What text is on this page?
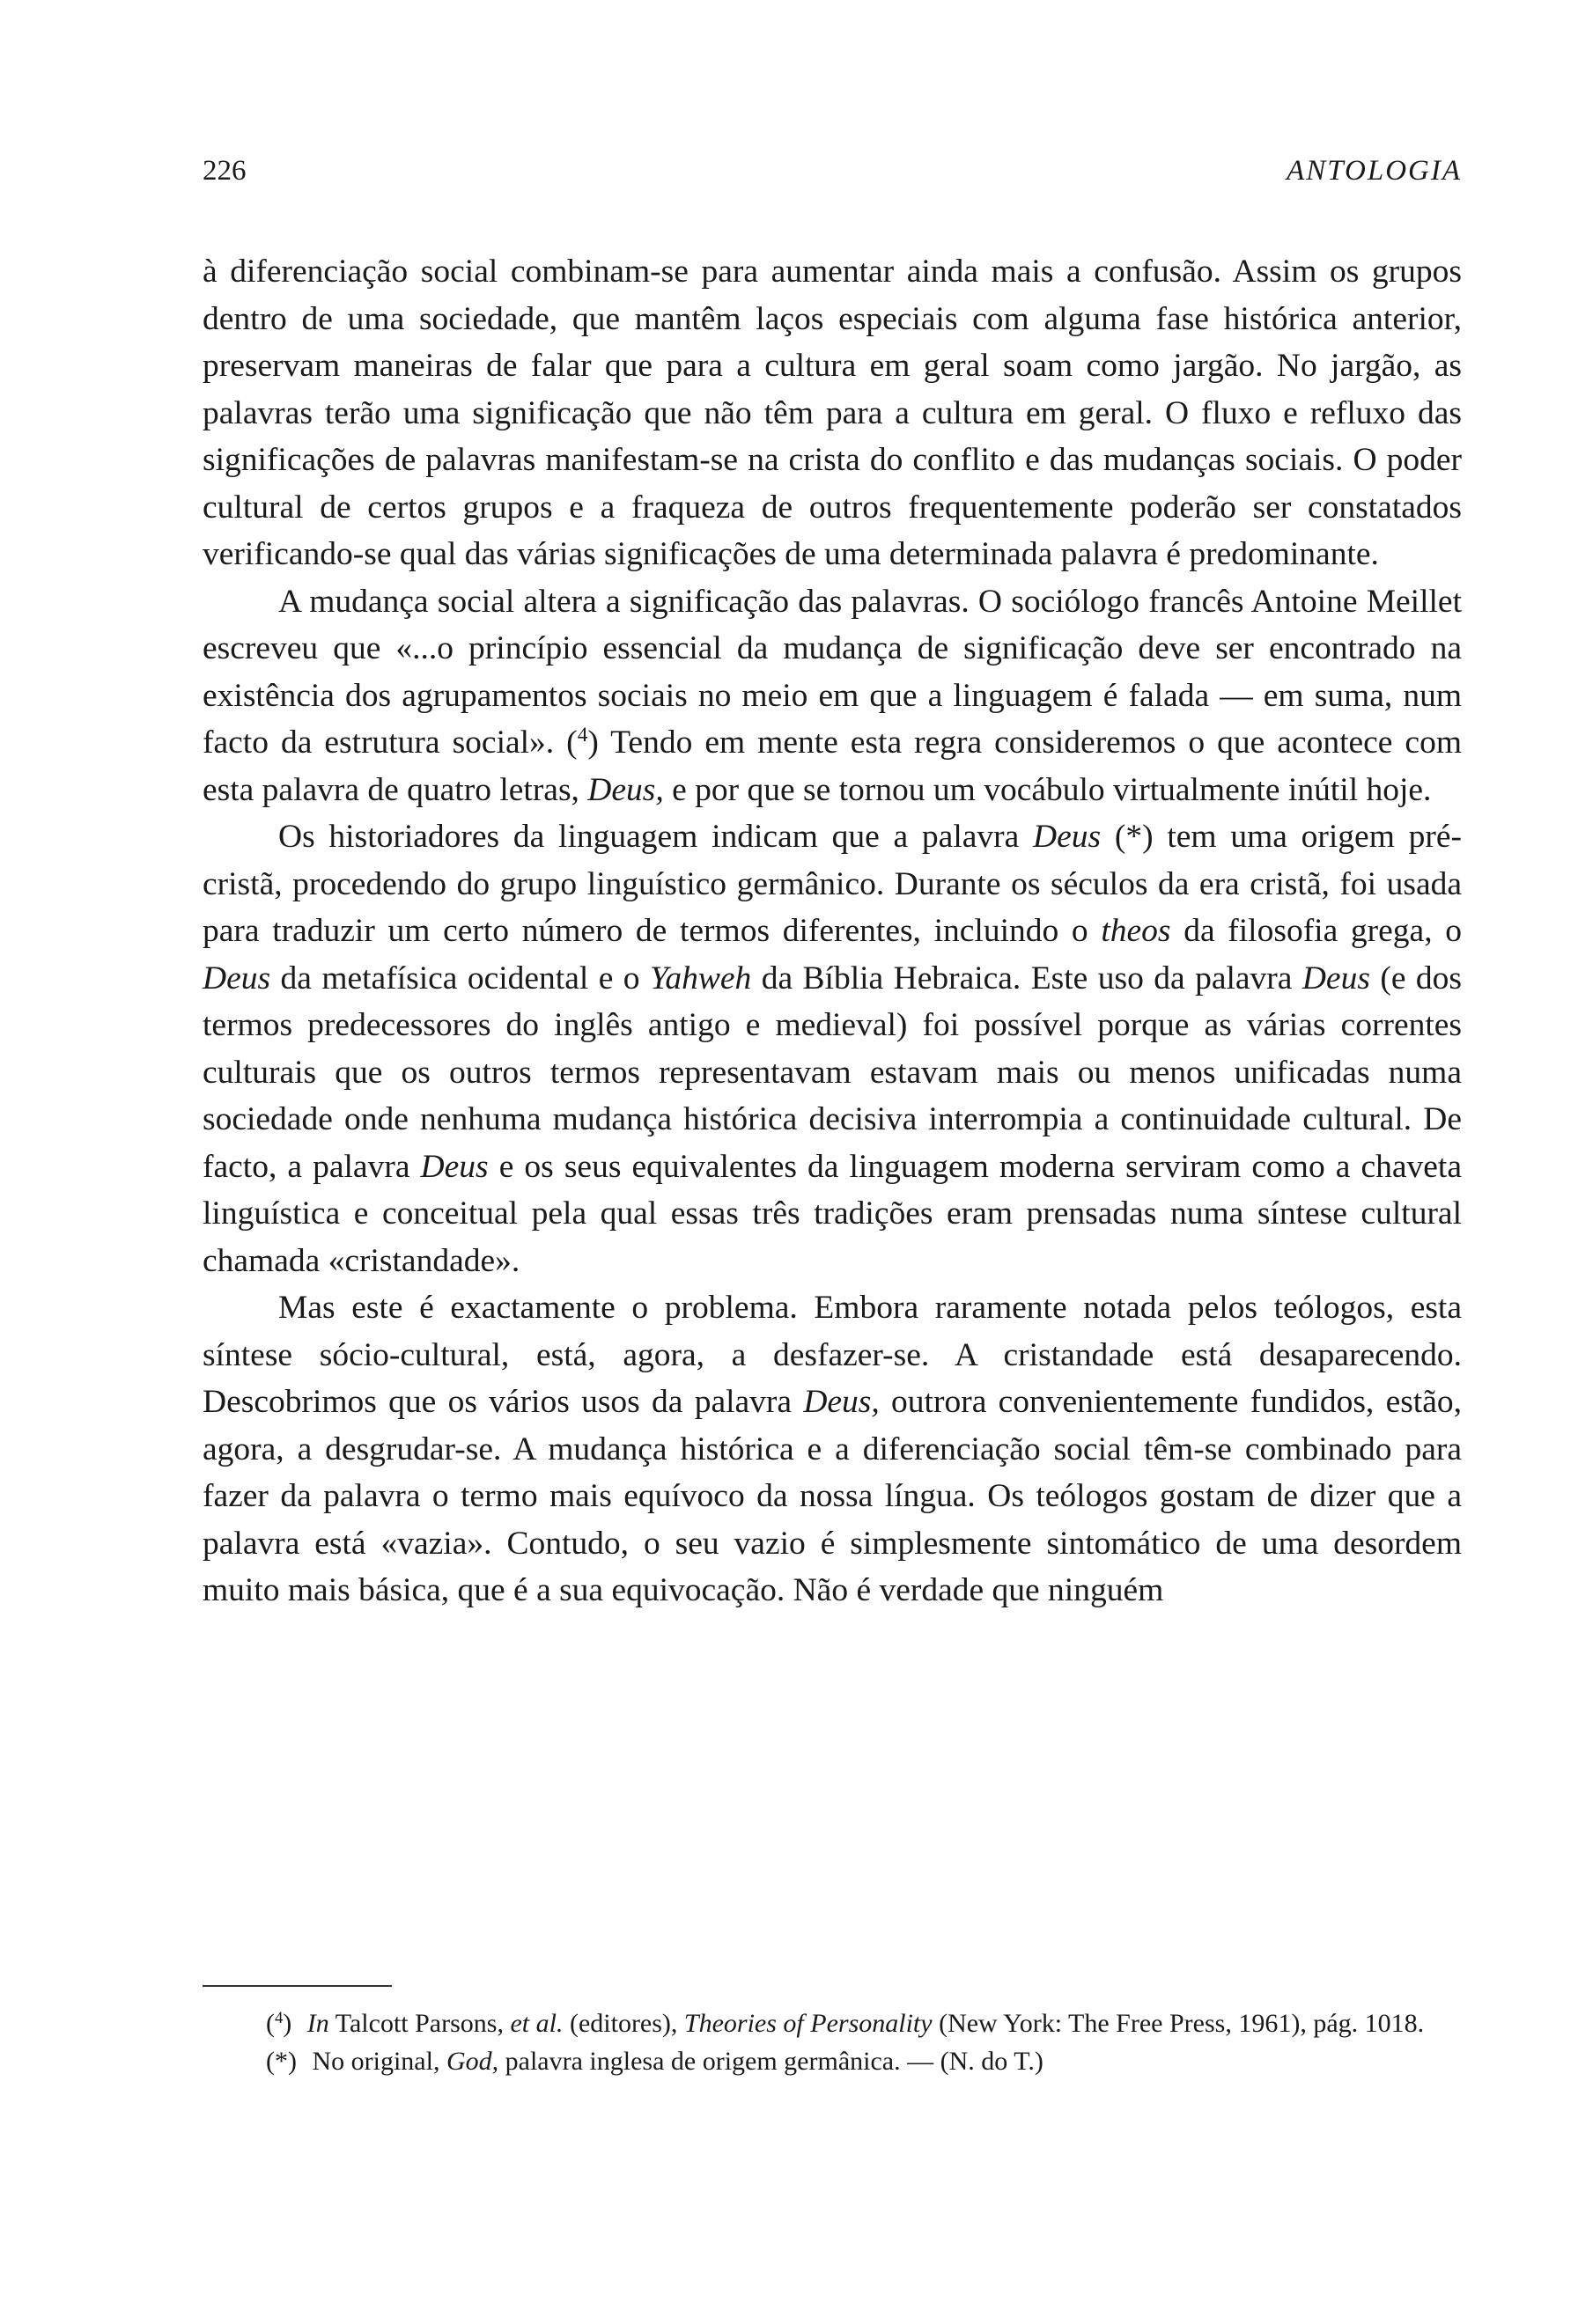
226	ANTOLOGIA

à diferenciação social combinam-se para aumentar ainda mais a confusão. Assim os grupos dentro de uma sociedade, que mantêm laços especiais com alguma fase histórica anterior, preservam maneiras de falar que para a cultura em geral soam como jargão. No jargão, as palavras terão uma significação que não têm para a cultura em geral. O fluxo e refluxo das significações de palavras manifestam-se na crista do conflito e das mudanças sociais. O poder cultural de certos grupos e a fraqueza de outros frequentemente poderão ser constatados verificando-se qual das várias significações de uma determinada palavra é predominante.

A mudança social altera a significação das palavras. O sociólogo francês Antoine Meillet escreveu que «...o princípio essencial da mudança de significação deve ser encontrado na existência dos agrupamentos sociais no meio em que a linguagem é falada — em suma, num facto da estrutura social». ($^4$) Tendo em mente esta regra consideremos o que acontece com esta palavra de quatro letras, Deus, e por que se tornou um vocábulo virtualmente inútil hoje.

Os historiadores da linguagem indicam que a palavra Deus (*) tem uma origem pré-cristã, procedendo do grupo linguístico germânico. Durante os séculos da era cristã, foi usada para traduzir um certo número de termos diferentes, incluindo o theos da filosofia grega, o Deus da metafísica ocidental e o Yahweh da Bíblia Hebraica. Este uso da palavra Deus (e dos termos predecessores do inglês antigo e medieval) foi possível porque as várias correntes culturais que os outros termos representavam estavam mais ou menos unificadas numa sociedade onde nenhuma mudança histórica decisiva interrompia a continuidade cultural. De facto, a palavra Deus e os seus equivalentes da linguagem moderna serviram como a chaveta linguística e conceitual pela qual essas três tradições eram prensadas numa síntese cultural chamada «cristandade».

Mas este é exactamente o problema. Embora raramente notada pelos teólogos, esta síntese sócio-cultural, está, agora, a desfazer-se. A cristandade está desaparecendo. Descobrimos que os vários usos da palavra Deus, outrora convenientemente fundidos, estão, agora, a desgrudar-se. A mudança histórica e a diferenciação social têm-se combinado para fazer da palavra o termo mais equívoco da nossa língua. Os teólogos gostam de dizer que a palavra está «vazia». Contudo, o seu vazio é simplesmente sintomático de uma desordem muito mais básica, que é a sua equivocação. Não é verdade que ninguém

($^4$) In Talcott Parsons, et al. (editores), Theories of Personality (New York: The Free Press, 1961), pág. 1018.

(*) No original, God, palavra inglesa de origem germânica. — (N. do T.)
